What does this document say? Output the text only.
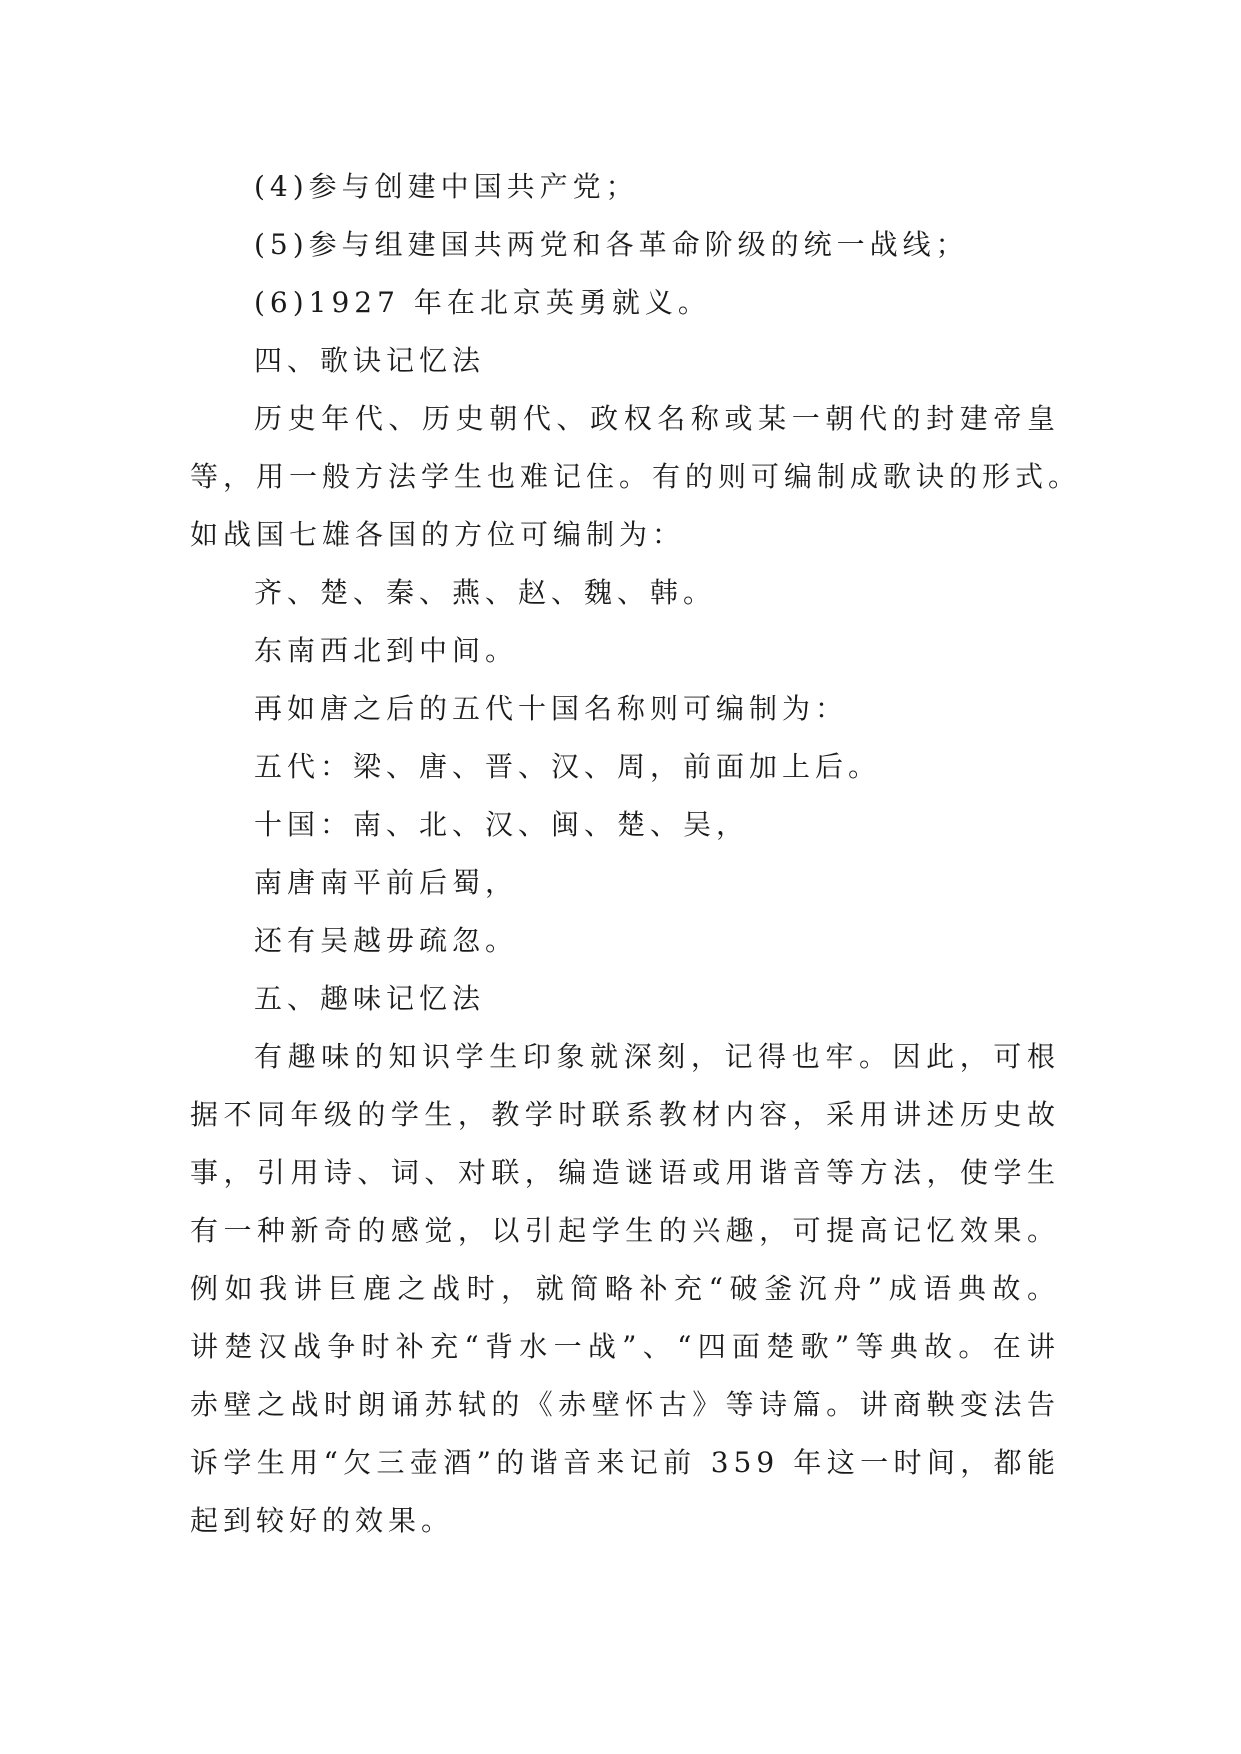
(4)参与创建中国共产党；
(5)参与组建国共两党和各革命阶级的统一战线；
(6)1927 年在北京英勇就义。
四、歌诀记忆法
历史年代、历史朝代、政权名称或某一朝代的封建帝皇
等，用一般方法学生也难记住。有的则可编制成歌诀的形式。
如战国七雄各国的方位可编制为：
齐、楚、秦、燕、赵、魏、韩。
东南西北到中间。
再如唐之后的五代十国名称则可编制为：
五代：梁、唐、晋、汉、周，前面加上后。
十国：南、北、汉、闽、楚、吴，
南唐南平前后蜀，
还有吴越毋疏忽。
五、趣味记忆法
有趣味的知识学生印象就深刻，记得也牢。因此，可根
据不同年级的学生，教学时联系教材内容，采用讲述历史故
事，引用诗、词、对联，编造谜语或用谐音等方法，使学生
有一种新奇的感觉，以引起学生的兴趣，可提高记忆效果。
例如我讲巨鹿之战时，就简略补充“破釜沉舟”成语典故。
讲楚汉战争时补充“背水一战”、“四面楚歌”等典故。在讲
赤壁之战时朗诵苏轼的《赤壁怀古》等诗篇。讲商鞅变法告
诉学生用“欠三壶酒”的谐音来记前 359 年这一时间，都能
起到较好的效果。
